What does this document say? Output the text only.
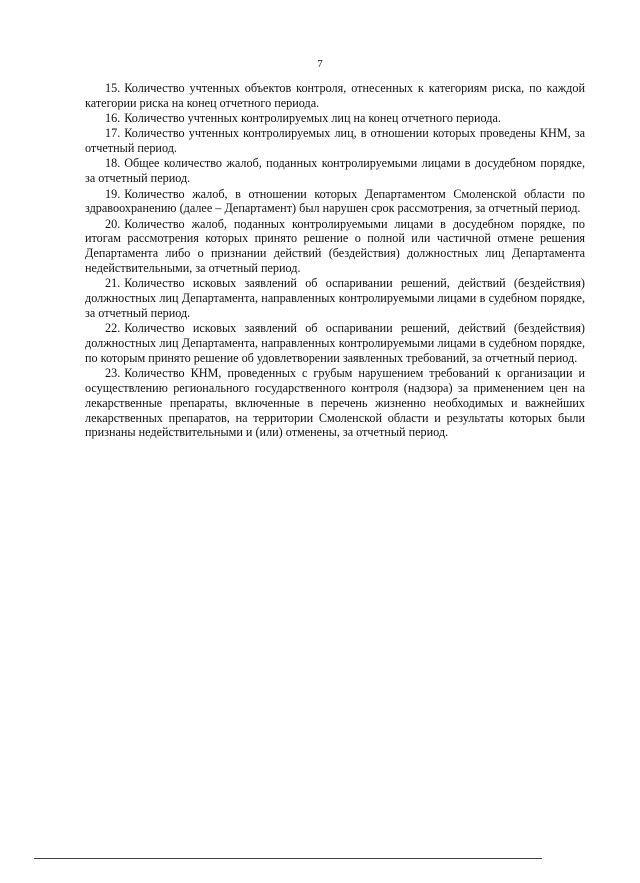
7

15. Количество учтенных объектов контроля, отнесенных к категориям риска, по каждой категории риска на конец отчетного периода.

16. Количество учтенных контролируемых лиц на конец отчетного периода.

17. Количество учтенных контролируемых лиц, в отношении которых проведены КНМ, за отчетный период.

18. Общее количество жалоб, поданных контролируемыми лицами в досудебном порядке, за отчетный период.

19. Количество жалоб, в отношении которых Департаментом Смоленской области по здравоохранению (далее – Департамент) был нарушен срок рассмотрения, за отчетный период.

20. Количество жалоб, поданных контролируемыми лицами в досудебном порядке, по итогам рассмотрения которых принято решение о полной или частичной отмене решения Департамента либо о признании действий (бездействия) должностных лиц Департамента недействительными, за отчетный период.

21. Количество исковых заявлений об оспаривании решений, действий (бездействия) должностных лиц Департамента, направленных контролируемыми лицами в судебном порядке, за отчетный период.

22. Количество исковых заявлений об оспаривании решений, действий (бездействия) должностных лиц Департамента, направленных контролируемыми лицами в судебном порядке, по которым принято решение об удовлетворении заявленных требований, за отчетный период.

23. Количество КНМ, проведенных с грубым нарушением требований к организации и осуществлению регионального государственного контроля (надзора) за применением цен на лекарственные препараты, включенные в перечень жизненно необходимых и важнейших лекарственных препаратов, на территории Смоленской области и результаты которых были признаны недействительными и (или) отменены, за отчетный период.
